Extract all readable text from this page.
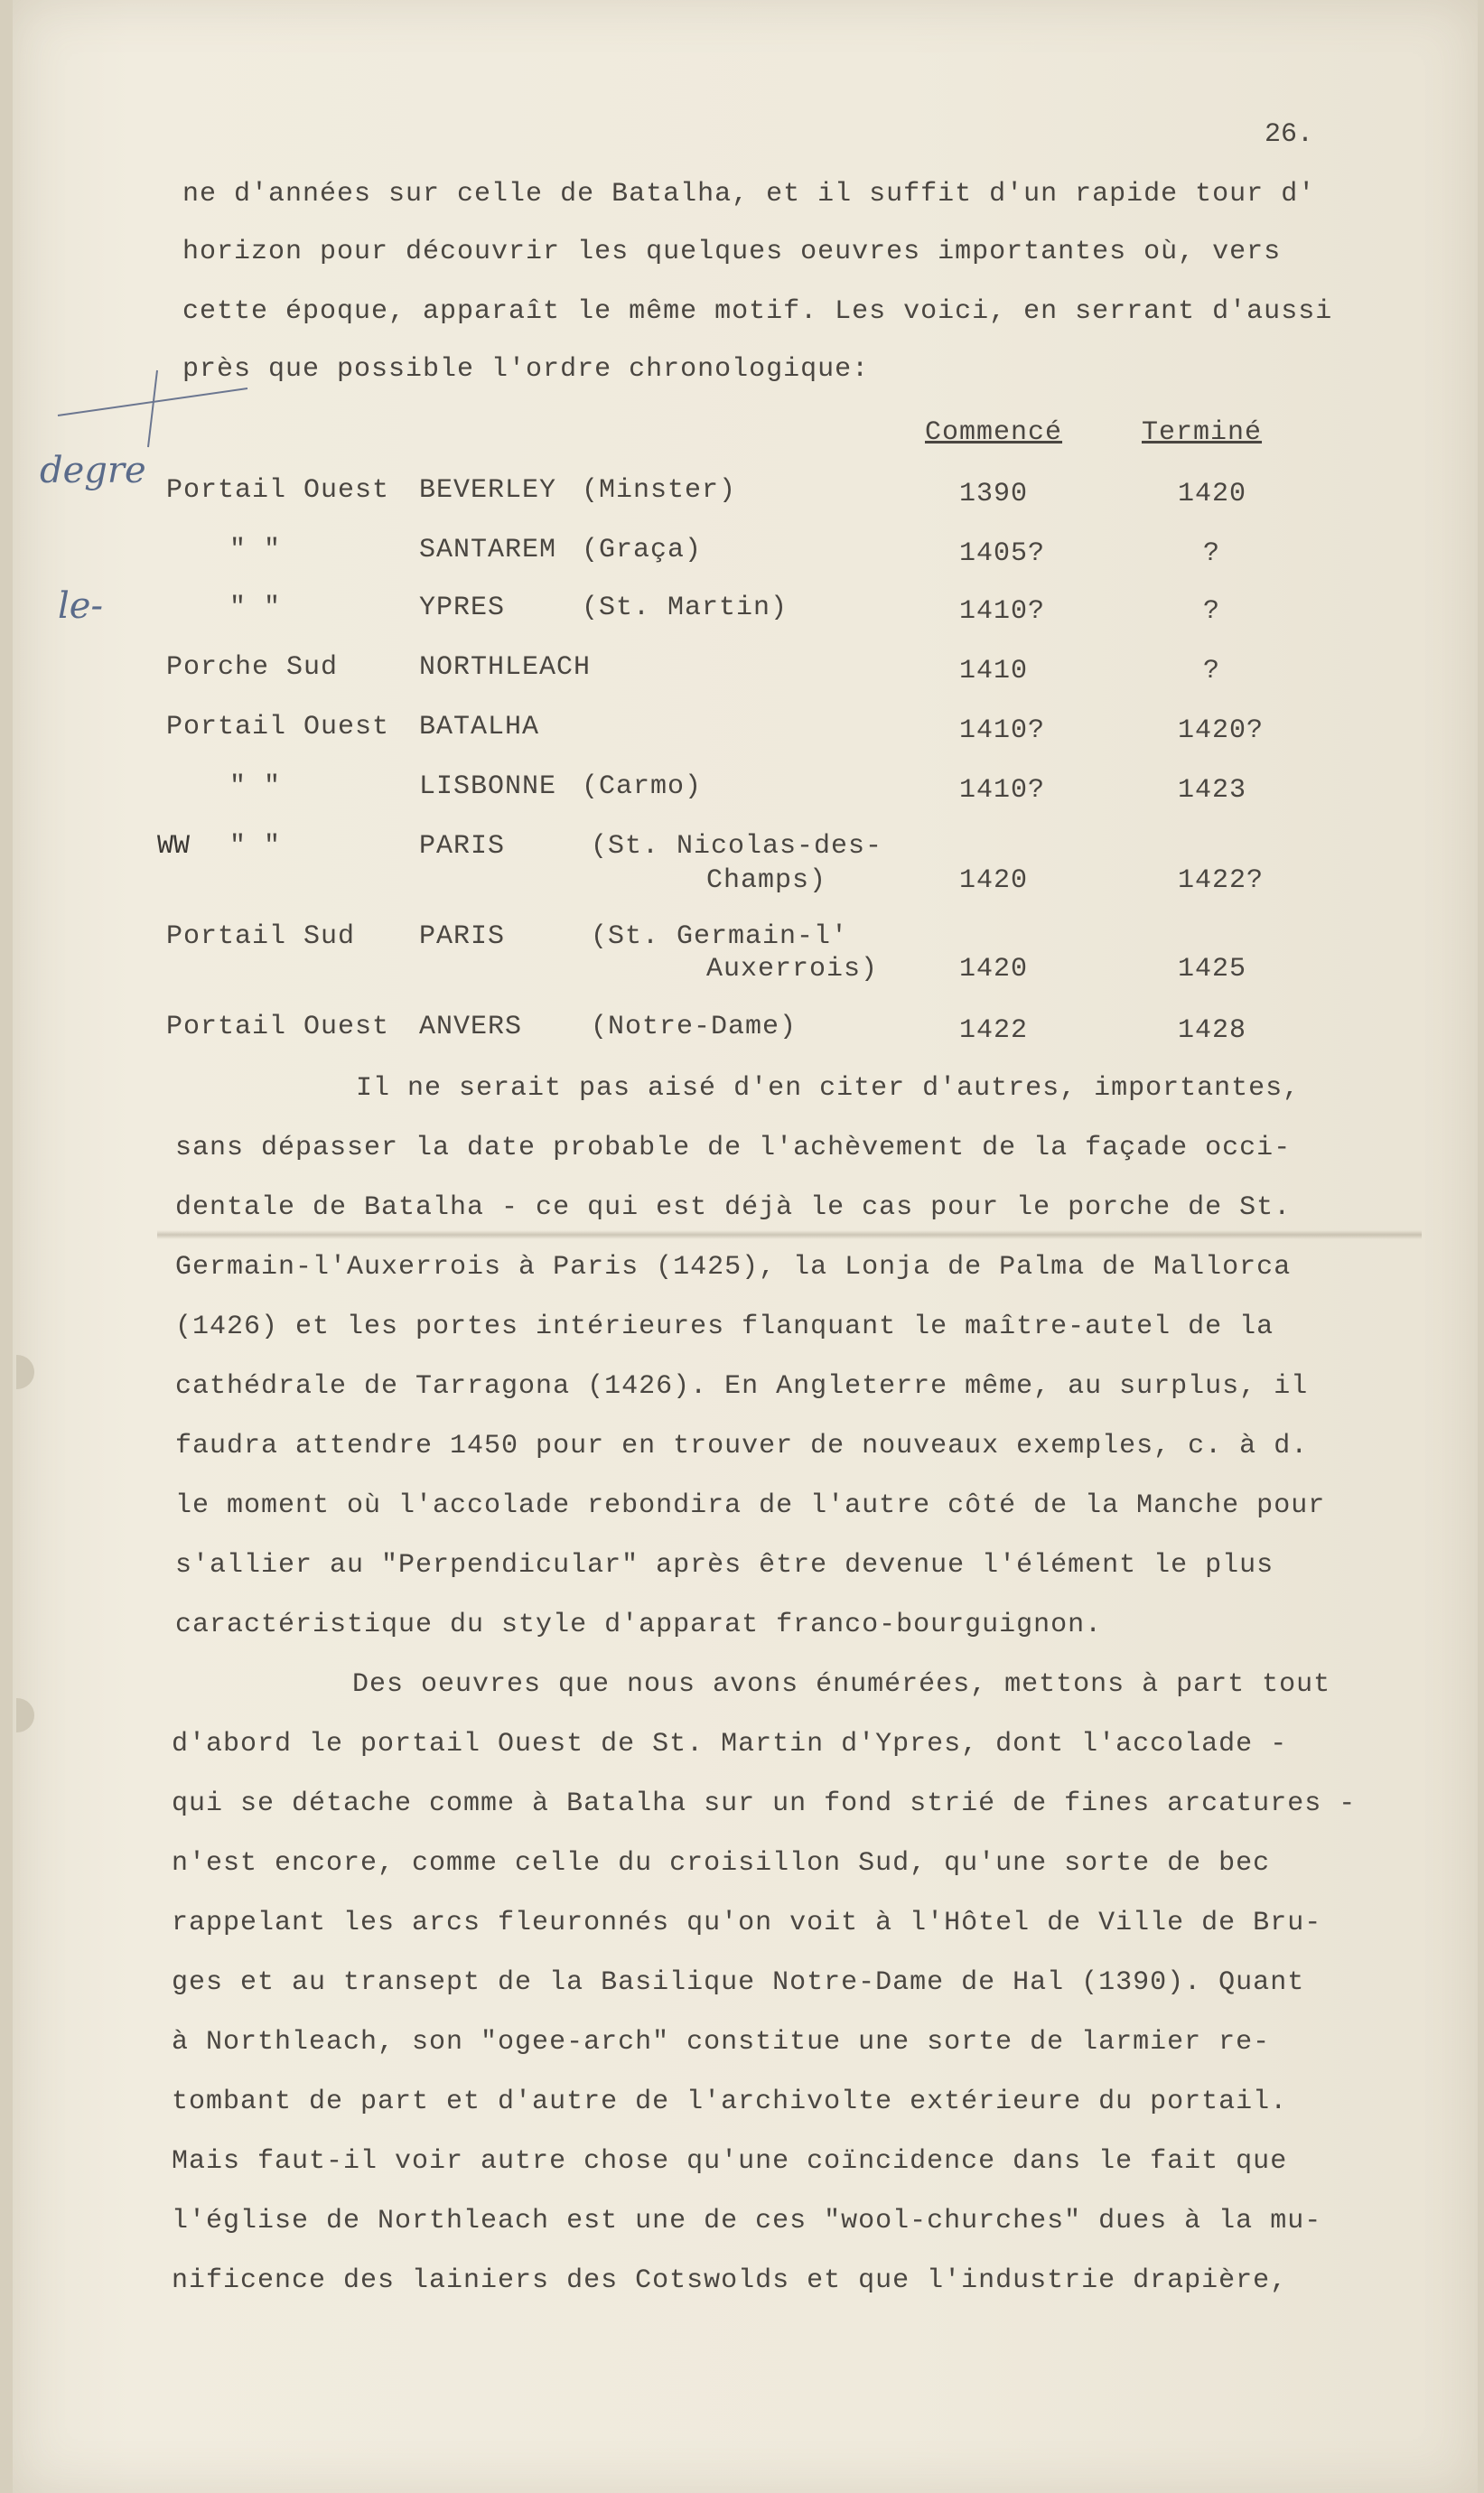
26.
ne d'années sur celle de Batalha, et il suffit d'un rapide tour d'
horizon pour découvrir les quelques oeuvres importantes où, vers
cette époque, apparaît le même motif. Les voici, en serrant d'aussi
près que possible l'ordre chronologique:
degre
le-
Commencé	Terminé
Portail Ouest BEVERLEY (Minster)	1390	1420
" "	SANTAREM (Graça)	1405?	?
" "	YPRES	(St. Martin)	1410?	?
Porche Sud	NORTHLEACH	1410	?
Portail Ouest BATALHA	1410?	1420?
" "	LISBONNE (Carmo)	1410?	1423
WW " "	PARIS	(St. Nicolas-des-
Champs)	1420	1422?
Portail Sud PARIS	(St. Germain-l'
Auxerrois)	1420	1425
Portail Ouest ANVERS	(Notre-Dame)	1422	1428
Il ne serait pas aisé d'en citer d'autres, importantes,
sans dépasser la date probable de l'achèvement de la façade occi-
dentale de Batalha - ce qui est déjà le cas pour le porche de St.
Germain-l'Auxerrois à Paris (1425), la Lonja de Palma de Mallorca
(1426) et les portes intérieures flanquant le maître-autel de la
cathédrale de Tarragona (1426). En Angleterre même, au surplus, il
faudra attendre 1450 pour en trouver de nouveaux exemples, c. à d.
le moment où l'accolade rebondira de l'autre côté de la Manche pour
s'allier au "Perpendicular" après être devenue l'élément le plus
caractéristique du style d'apparat franco-bourguignon.
Des oeuvres que nous avons énumérées, mettons à part tout
d'abord le portail Ouest de St. Martin d'Ypres, dont l'accolade -
qui se détache comme à Batalha sur un fond strié de fines arcatures -
n'est encore, comme celle du croisillon Sud, qu'une sorte de bec
rappelant les arcs fleuronnés qu'on voit à l'Hôtel de Ville de Bru-
ges et au transept de la Basilique Notre-Dame de Hal (1390). Quant
à Northleach, son "ogee-arch" constitue une sorte de larmier re-
tombant de part et d'autre de l'archivolte extérieure du portail.
Mais faut-il voir autre chose qu'une coïncidence dans le fait que
l'église de Northleach est une de ces "wool-churches" dues à la mu-
nificence des lainiers des Cotswolds et que l'industrie drapière,
